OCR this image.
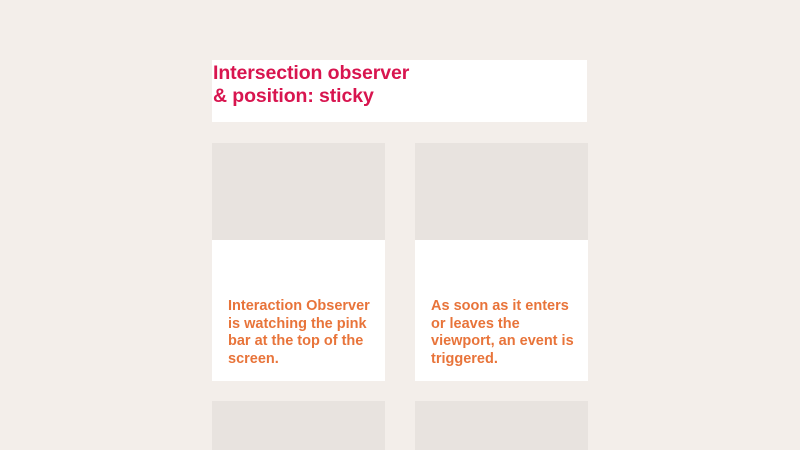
Intersection observer
& position: sticky

Interaction Observer is watching the pink bar at the top of the screen.

As soon as it enters or leaves the viewport, an event is triggered.
